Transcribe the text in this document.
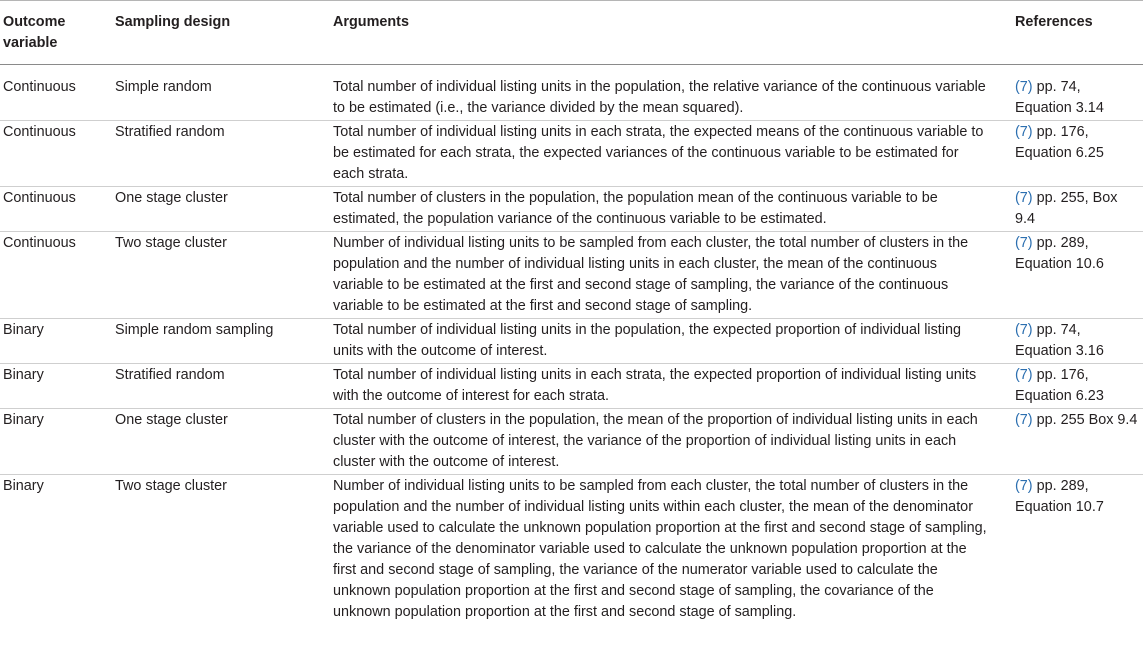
Outcome variable	Sampling design	Arguments	References
Continuous	Simple random	Total number of individual listing units in the population, the relative variance of the continuous variable to be estimated (i.e., the variance divided by the mean squared).	(7) pp. 74, Equation 3.14
Continuous	Stratified random	Total number of individual listing units in each strata, the expected means of the continuous variable to be estimated for each strata, the expected variances of the continuous variable to be estimated for each strata.	(7) pp. 176, Equation 6.25
Continuous	One stage cluster	Total number of clusters in the population, the population mean of the continuous variable to be estimated, the population variance of the continuous variable to be estimated.	(7) pp. 255, Box 9.4
Continuous	Two stage cluster	Number of individual listing units to be sampled from each cluster, the total number of clusters in the population and the number of individual listing units in each cluster, the mean of the continuous variable to be estimated at the first and second stage of sampling, the variance of the continuous variable to be estimated at the first and second stage of sampling.	(7) pp. 289, Equation 10.6
Binary	Simple random sampling	Total number of individual listing units in the population, the expected proportion of individual listing units with the outcome of interest.	(7) pp. 74, Equation 3.16
Binary	Stratified random	Total number of individual listing units in each strata, the expected proportion of individual listing units with the outcome of interest for each strata.	(7) pp. 176, Equation 6.23
Binary	One stage cluster	Total number of clusters in the population, the mean of the proportion of individual listing units in each cluster with the outcome of interest, the variance of the proportion of individual listing units in each cluster with the outcome of interest.	(7) pp. 255 Box 9.4
Binary	Two stage cluster	Number of individual listing units to be sampled from each cluster, the total number of clusters in the population and the number of individual listing units within each cluster, the mean of the denominator variable used to calculate the unknown population proportion at the first and second stage of sampling, the variance of the denominator variable used to calculate the unknown population proportion at the first and second stage of sampling, the variance of the numerator variable used to calculate the unknown population proportion at the first and second stage of sampling, the covariance of the unknown population proportion at the first and second stage of sampling.	(7) pp. 289, Equation 10.7
